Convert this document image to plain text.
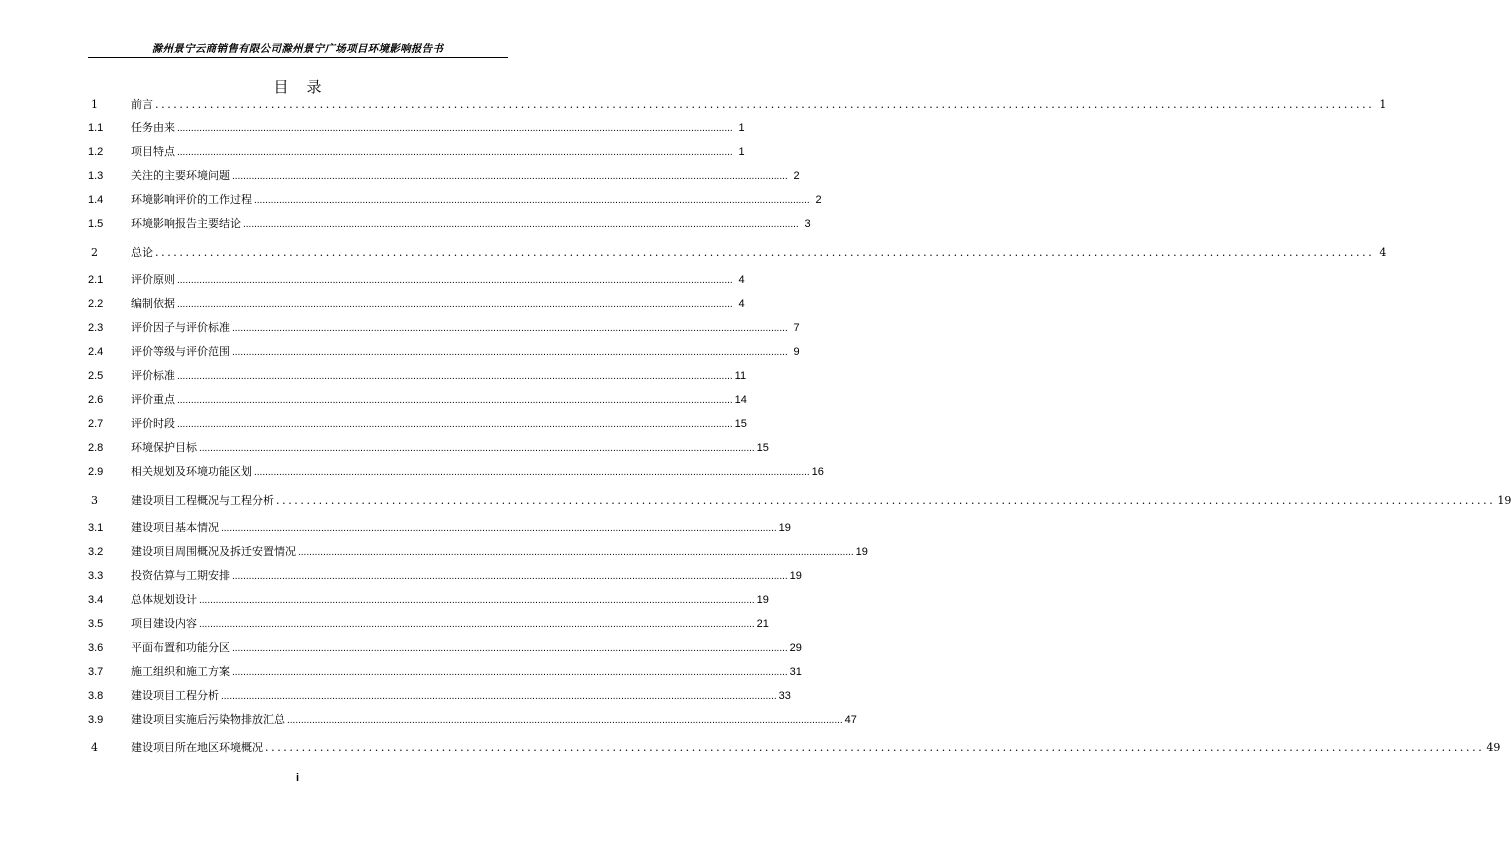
滁州景宁云商销售有限公司滁州景宁广场项目环境影响报告书
目录
1	前言 ........................................................................................................................................................................................................ 1
1.1	任务由来 ........................................................................................................................................................................................................ 1
1.2	项目特点 ........................................................................................................................................................................................................ 1
1.3	关注的主要环境问题 ........................................................................................................................................................................................................ 2
1.4	环境影响评价的工作过程 ........................................................................................................................................................................................................ 2
1.5	环境影响报告主要结论 ........................................................................................................................................................................................................ 3
2	总论 ........................................................................................................................................................................................................ 4
2.1	评价原则 ........................................................................................................................................................................................................ 4
2.2	编制依据 ........................................................................................................................................................................................................ 4
2.3	评价因子与评价标准 ........................................................................................................................................................................................................ 7
2.4	评价等级与评价范围 ........................................................................................................................................................................................................ 9
2.5	评价标准 ........................................................................................................................................................................................................ 11
2.6	评价重点 ........................................................................................................................................................................................................ 14
2.7	评价时段 ........................................................................................................................................................................................................ 15
2.8	环境保护目标 ........................................................................................................................................................................................................ 15
2.9	相关规划及环境功能区划 ........................................................................................................................................................................................................ 16
3	建设项目工程概况与工程分析 ........................................................................................................................................................................................................ 19
3.1	建设项目基本情况 ........................................................................................................................................................................................................ 19
3.2	建设项目周围概况及拆迁安置情况 ........................................................................................................................................................................................................ 19
3.3	投资估算与工期安排 ........................................................................................................................................................................................................ 19
3.4	总体规划设计 ........................................................................................................................................................................................................ 19
3.5	项目建设内容 ........................................................................................................................................................................................................ 21
3.6	平面布置和功能分区 ........................................................................................................................................................................................................ 29
3.7	施工组织和施工方案 ........................................................................................................................................................................................................ 31
3.8	建设项目工程分析 ........................................................................................................................................................................................................ 33
3.9	建设项目实施后污染物排放汇总 ........................................................................................................................................................................................................ 47
4	建设项目所在地区环境概况 ........................................................................................................................................................................................................ 49
i
